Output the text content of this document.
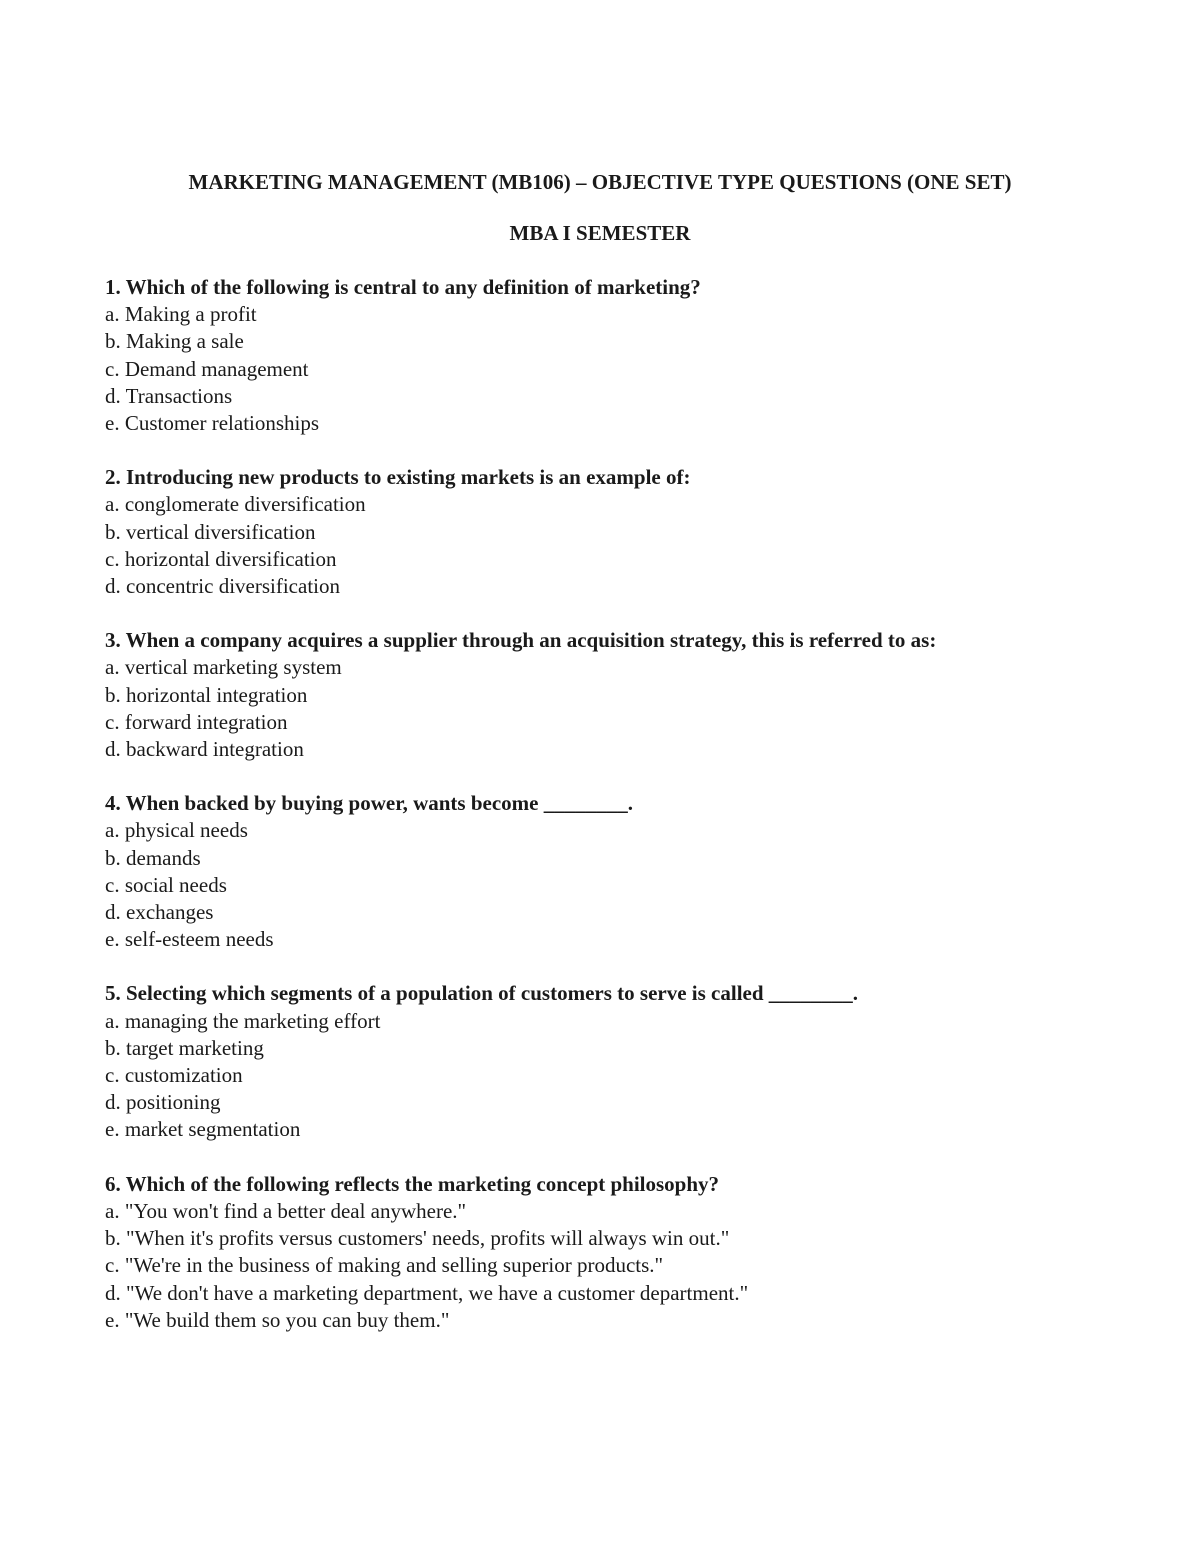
MARKETING MANAGEMENT (MB106) – OBJECTIVE TYPE QUESTIONS (ONE SET)
MBA I SEMESTER

1. Which of the following is central to any definition of marketing?

a. Making a profit

b. Making a sale

c. Demand management

d. Transactions

e. Customer relationships

2. Introducing new products to existing markets is an example of:

a. conglomerate diversification

b. vertical diversification

c. horizontal diversification

d. concentric diversification

3. When a company acquires a supplier through an acquisition strategy, this is referred to as:

a. vertical marketing system

b. horizontal integration

c. forward integration

d. backward integration

4. When backed by buying power, wants become ________.

a. physical needs

b. demands

c. social needs

d. exchanges

e. self-esteem needs

5. Selecting which segments of a population of customers to serve is called ________.

a. managing the marketing effort

b. target marketing

c. customization

d. positioning

e. market segmentation

6. Which of the following reflects the marketing concept philosophy?

a. "You won't find a better deal anywhere."

b. "When it's profits versus customers' needs, profits will always win out."

c. "We're in the business of making and selling superior products."

d. "We don't have a marketing department, we have a customer department."

e. "We build them so you can buy them."
